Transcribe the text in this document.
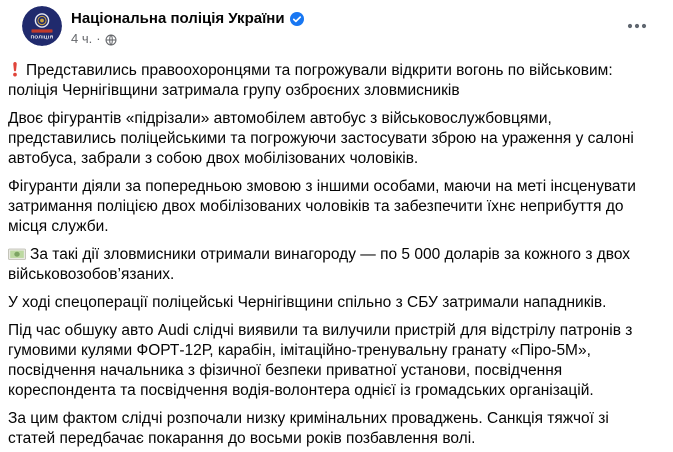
ПОЛІЦІЯ
Національна поліція України
4 ч. ·

Представились правоохоронцями та погрожували відкрити вогонь по військовим: поліція Чернігівщини затримала групу озброєних зловмисників

Двоє фігурантів «підрізали» автомобілем автобус з військовослужбовцями, представились поліцейськими та погрожуючи застосувати зброю на ураження у салоні автобуса, забрали з собою двох мобілізованих чоловіків.

Фігуранти діяли за попередньою змовою з іншими особами, маючи на меті інсценувати затримання поліцією двох мобілізованих чоловіків та забезпечити їхнє неприбуття до місця служби.

За такі дії зловмисники отримали винагороду — по 5 000 доларів за кожного з двох військовозобов’язаних.

У ході спецоперації поліцейські Чернігівщини спільно з СБУ затримали нападників.

Під час обшуку авто Audi слідчі виявили та вилучили пристрій для відстрілу патронів з гумовими кулями ФОРТ-12Р, карабін, імітаційно-тренувальну гранату «Піро-5М», посвідчення начальника з фізичної безпеки приватної установи, посвідчення кореспондента та посвідчення водія-волонтера однієї із громадських організацій.

За цим фактом слідчі розпочали низку кримінальних проваджень. Санкція тяжчої зі статей передбачає покарання до восьми років позбавлення волі.
